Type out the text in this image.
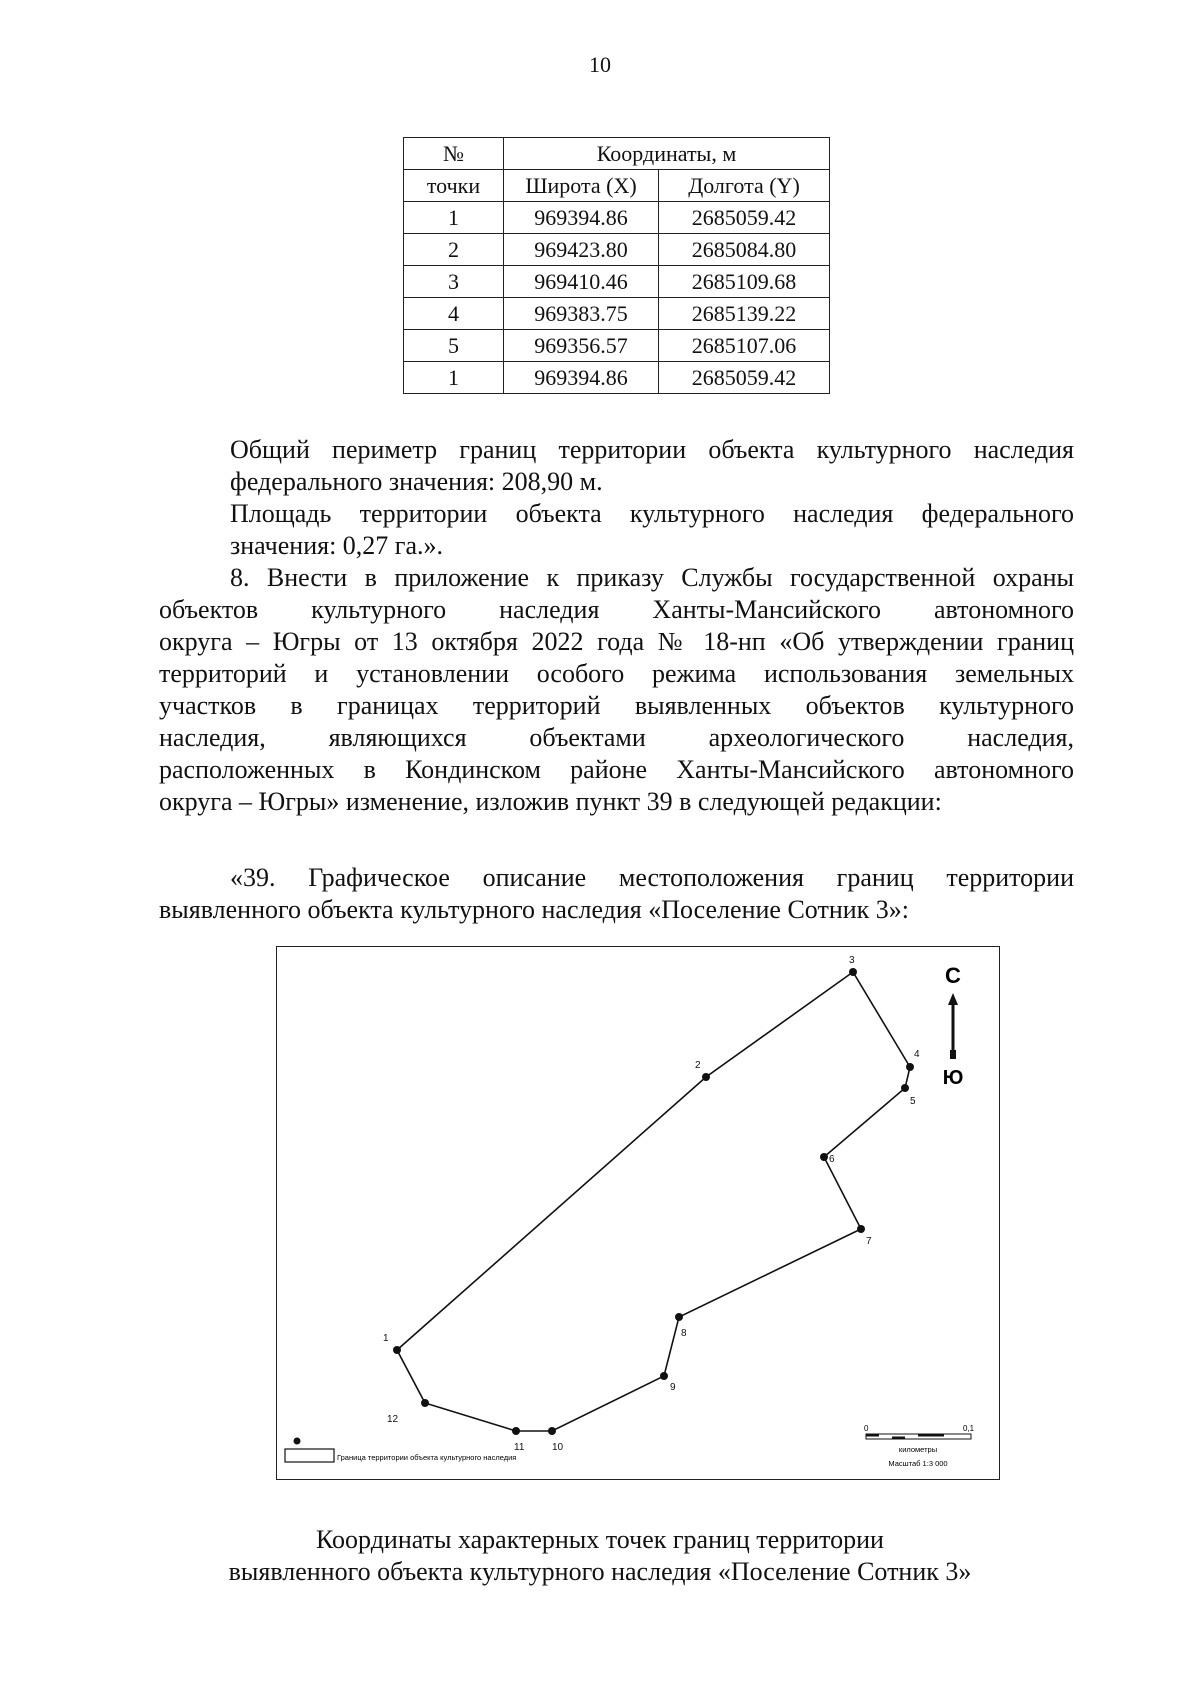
10
№	Координаты, м	
точки	Широта (X)	Долгота (Y)
1	969394.86	2685059.42
2	969423.80	2685084.80
3	969410.46	2685109.68
4	969383.75	2685139.22
5	969356.57	2685107.06
1	969394.86	2685059.42

Общий периметр границ территории объекта культурного наследия
федерального значения: 208,90 м.

Площадь территории объекта культурного наследия федерального
значения: 0,27 га.».

8. Внести в приложение к приказу Службы государственной охраны
объектов культурного наследия Ханты-Мансийского автономного
округа – Югры от 13 октября 2022 года № 18-нп «Об утверждении границ
территорий и установлении особого режима использования земельных
участков в границах территорий выявленных объектов культурного
наследия, являющихся объектами археологического наследия,
расположенных в Кондинском районе Ханты-Мансийского автономного
округа – Югры» изменение, изложив пункт 39 в следующей редакции:
«39. Графическое описание местоположения границ территории
выявленного объекта культурного наследия «Поселение Сотник 3»:
1
2
3
4
5
6
7
8
9
10
11
12
С
Ю
Граница территории объекта культурного наследия
0	0,1
километры
Масштаб 1:3 000
Координаты характерных точек границ территории
выявленного объекта культурного наследия «Поселение Сотник 3»
